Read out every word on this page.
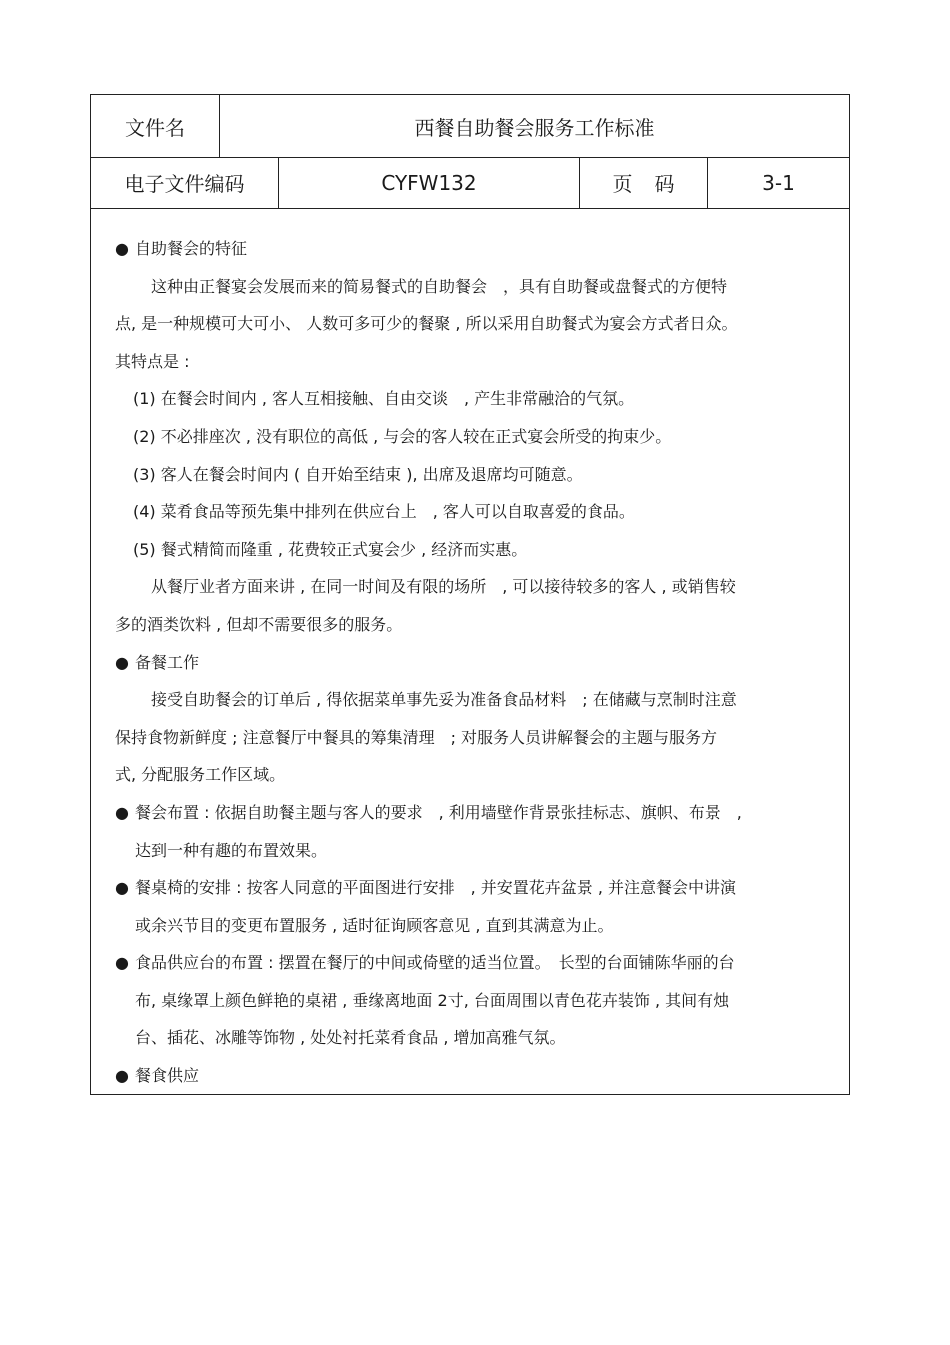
文件名	西餐自助餐会服务工作标准
电子文件编码	CYFW132	页码	3-1
● 自助餐会的特征
这种由正餐宴会发展而来的简易餐式的自助餐会　，具有自助餐或盘餐式的方便特
点, 是一种规模可大可小、 人数可多可少的餐聚 , 所以采用自助餐式为宴会方式者日众。
其特点是 :
(1) 在餐会时间内 , 客人互相接触、自由交谈　, 产生非常融洽的气氛。
(2) 不必排座次 , 没有职位的高低 , 与会的客人较在正式宴会所受的拘束少。
(3) 客人在餐会时间内 ( 自开始至结束 ), 出席及退席均可随意。
(4) 菜肴食品等预先集中排列在供应台上　, 客人可以自取喜爱的食品。
(5) 餐式精简而隆重 , 花费较正式宴会少 , 经济而实惠。
从餐厅业者方面来讲 , 在同一时间及有限的场所　, 可以接待较多的客人 , 或销售较
多的酒类饮料 , 但却不需要很多的服务。
● 备餐工作
接受自助餐会的订单后 , 得依据菜单事先妥为准备食品材料　; 在储藏与烹制时注意
保持食物新鲜度 ; 注意餐厅中餐具的筹集清理　; 对服务人员讲解餐会的主题与服务方
式, 分配服务工作区域。
● 餐会布置 : 依据自助餐主题与客人的要求　, 利用墙壁作背景张挂标志、旗帜、布景　,
达到一种有趣的布置效果。
● 餐桌椅的安排 : 按客人同意的平面图进行安排　, 并安置花卉盆景 , 并注意餐会中讲演
或余兴节目的变更布置服务 , 适时征询顾客意见 , 直到其满意为止。
● 食品供应台的布置 : 摆置在餐厅的中间或倚壁的适当位置。　长型的台面铺陈华丽的台
布, 桌缘罩上颜色鲜艳的桌裙 , 垂缘离地面 2寸, 台面周围以青色花卉装饰 , 其间有烛
台、插花、冰雕等饰物 , 处处衬托菜肴食品 , 增加高雅气氛。
● 餐食供应
